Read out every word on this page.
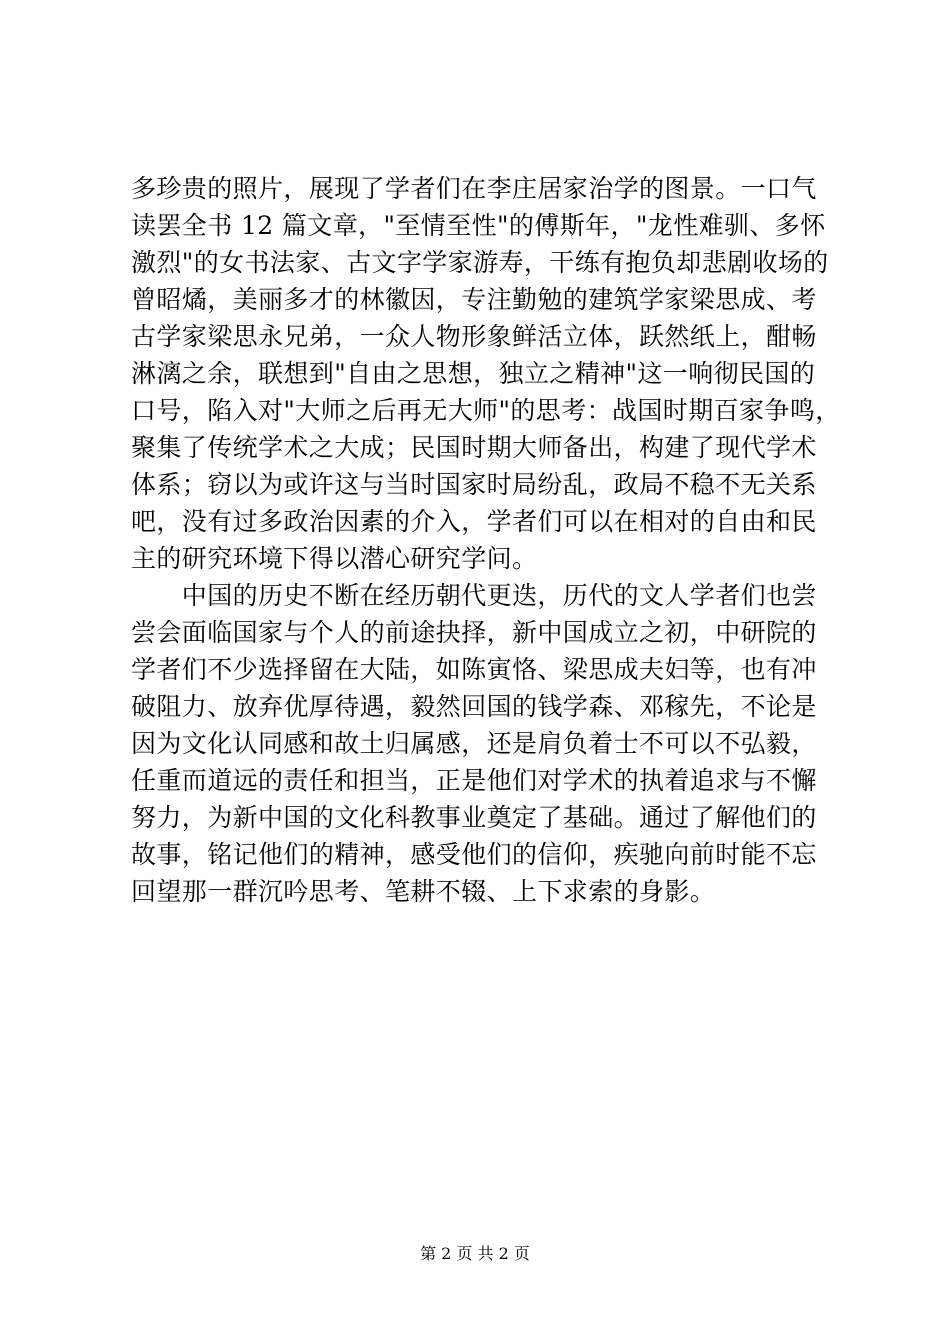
多珍贵的照片，展现了学者们在李庄居家治学的图景。一口气
读罢全书 12 篇文章，"至情至性"的傅斯年，"龙性难驯、多怀
激烈"的女书法家、古文字学家游寿，干练有抱负却悲剧收场的
曾昭燏，美丽多才的林徽因，专注勤勉的建筑学家梁思成、考
古学家梁思永兄弟，一众人物形象鲜活立体，跃然纸上，酣畅
淋漓之余，联想到"自由之思想，独立之精神"这一响彻民国的
口号，陷入对"大师之后再无大师"的思考：战国时期百家争鸣，
聚集了传统学术之大成；民国时期大师备出，构建了现代学术
体系；窃以为或许这与当时国家时局纷乱，政局不稳不无关系
吧，没有过多政治因素的介入，学者们可以在相对的自由和民
主的研究环境下得以潜心研究学问。
　　中国的历史不断在经历朝代更迭，历代的文人学者们也尝
尝会面临国家与个人的前途抉择，新中国成立之初，中研院的
学者们不少选择留在大陆，如陈寅恪、梁思成夫妇等，也有冲
破阻力、放弃优厚待遇，毅然回国的钱学森、邓稼先，不论是
因为文化认同感和故土归属感，还是肩负着士不可以不弘毅，
任重而道远的责任和担当，正是他们对学术的执着追求与不懈
努力，为新中国的文化科教事业奠定了基础。通过了解他们的
故事，铭记他们的精神，感受他们的信仰，疾驰向前时能不忘
回望那一群沉吟思考、笔耕不辍、上下求索的身影。
第 2 页 共 2 页
